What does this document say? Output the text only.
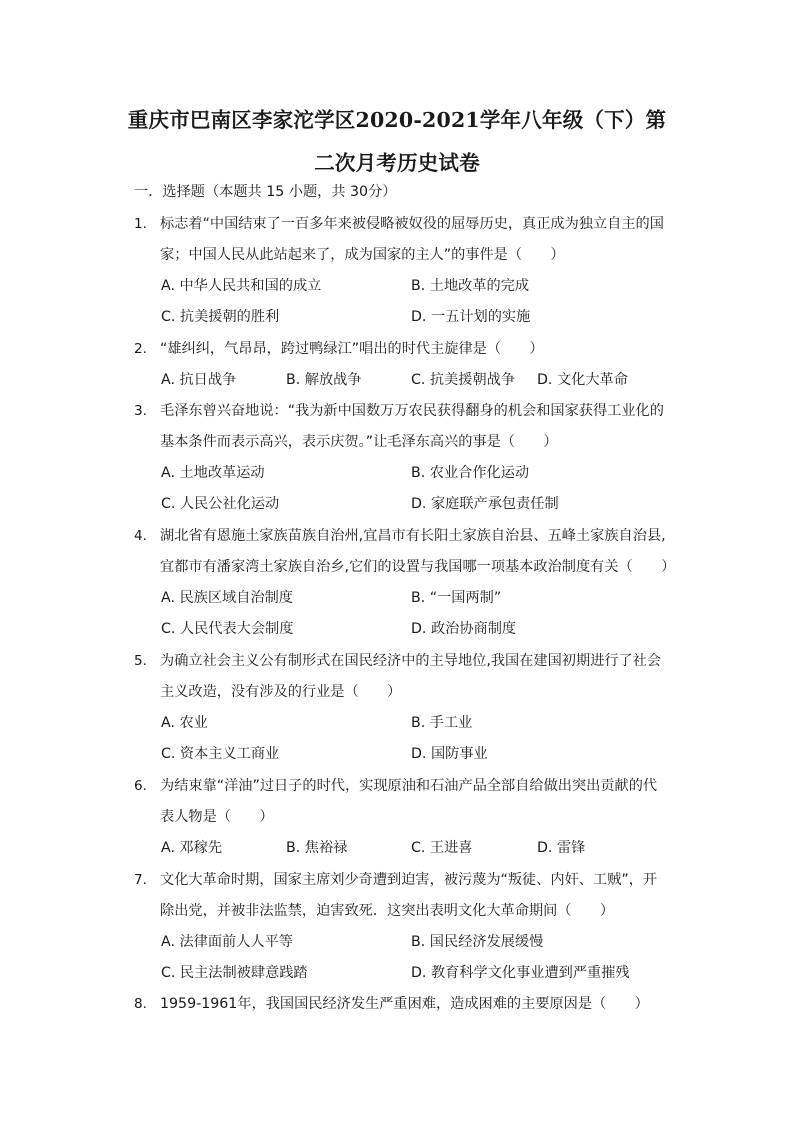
重庆市巴南区李家沱学区2020-2021学年八年级（下）第
二次月考历史试卷
一．选择题（本题共 15 小题，共 30分）
1. 标志着“中国结束了一百多年来被侵略被奴役的屈辱历史，真正成为独立自主的国
家；中国人民从此站起来了，成为国家的主人”的事件是（　　）
A. 中华人民共和国的成立	B. 土地改革的完成
C. 抗美援朝的胜利	D. 一五计划的实施
2. “雄纠纠，气昂昂，跨过鸭绿江”唱出的时代主旋律是（　　）
A. 抗日战争	B. 解放战争	C. 抗美援朝战争 D. 文化大革命
3. 毛泽东曾兴奋地说：“我为新中国数万万农民获得翻身的机会和国家获得工业化的
基本条件而表示高兴，表示庆贺。”让毛泽东高兴的事是（　　）
A. 土地改革运动	B. 农业合作化运动
C. 人民公社化运动	D. 家庭联产承包责任制
4. 湖北省有恩施土家族苗族自治州,宜昌市有长阳土家族自治县、五峰土家族自治县,
宜都市有潘家湾土家族自治乡,它们的设置与我国哪一项基本政治制度有关（　　）
A. 民族区域自治制度	B. “一国两制”
C. 人民代表大会制度	D. 政治协商制度
5. 为确立社会主义公有制形式在国民经济中的主导地位,我国在建国初期进行了社会
主义改造，没有涉及的行业是（　　）
A. 农业	B. 手工业
C. 资本主义工商业	D. 国防事业
6. 为结束靠“洋油”过日子的时代，实现原油和石油产品全部自给做出突出贡献的代
表人物是（　　）
A. 邓稼先	B. 焦裕禄	C. 王进喜	D. 雷锋
7. 文化大革命时期，国家主席刘少奇遭到迫害，被污蔑为“叛徒、内奸、工贼”，开
除出党，并被非法监禁，迫害致死．这突出表明文化大革命期间（　　）
A. 法律面前人人平等	B. 国民经济发展缓慢
C. 民主法制被肆意践踏	D. 教育科学文化事业遭到严重摧残
8. 1959-1961年，我国国民经济发生严重困难，造成困难的主要原因是（　　）
